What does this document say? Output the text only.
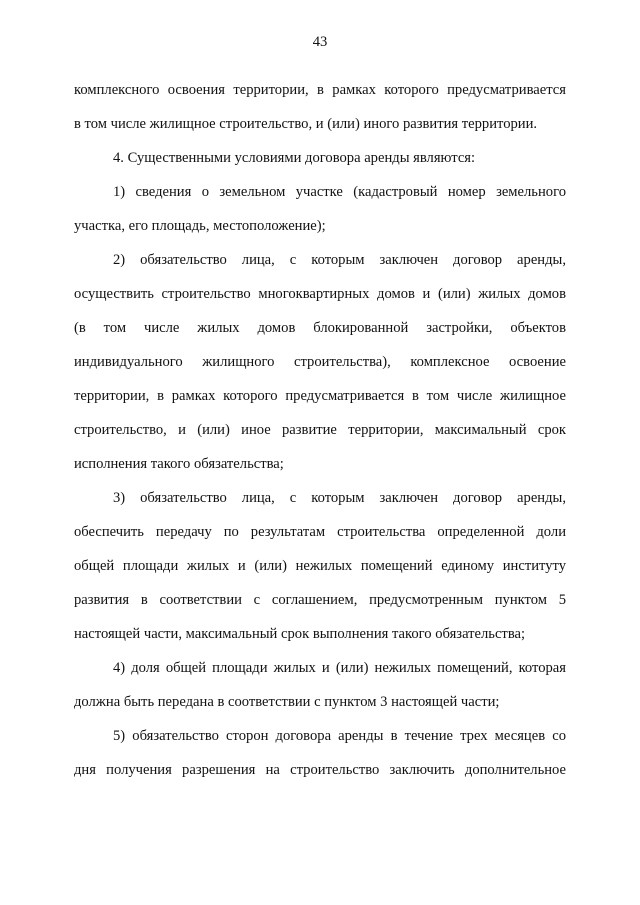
43
комплексного освоения территории, в рамках которого предусматривается
в том числе жилищное строительство, и (или) иного развития территории.
4. Существенными условиями договора аренды являются:
1) сведения о земельном участке (кадастровый номер земельного
участка, его площадь, местоположение);
2) обязательство лица, с которым заключен договор аренды,
осуществить строительство многоквартирных домов и (или) жилых домов
(в том числе жилых домов блокированной застройки, объектов
индивидуального жилищного строительства), комплексное освоение
территории, в рамках которого предусматривается в том числе жилищное
строительство, и (или) иное развитие территории, максимальный срок
исполнения такого обязательства;
3) обязательство лица, с которым заключен договор аренды,
обеспечить передачу по результатам строительства определенной доли
общей площади жилых и (или) нежилых помещений единому институту
развития в соответствии с соглашением, предусмотренным пунктом 5
настоящей части, максимальный срок выполнения такого обязательства;
4) доля общей площади жилых и (или) нежилых помещений, которая
должна быть передана в соответствии с пунктом 3 настоящей части;
5) обязательство сторон договора аренды в течение трех месяцев со
дня получения разрешения на строительство заключить дополнительное
